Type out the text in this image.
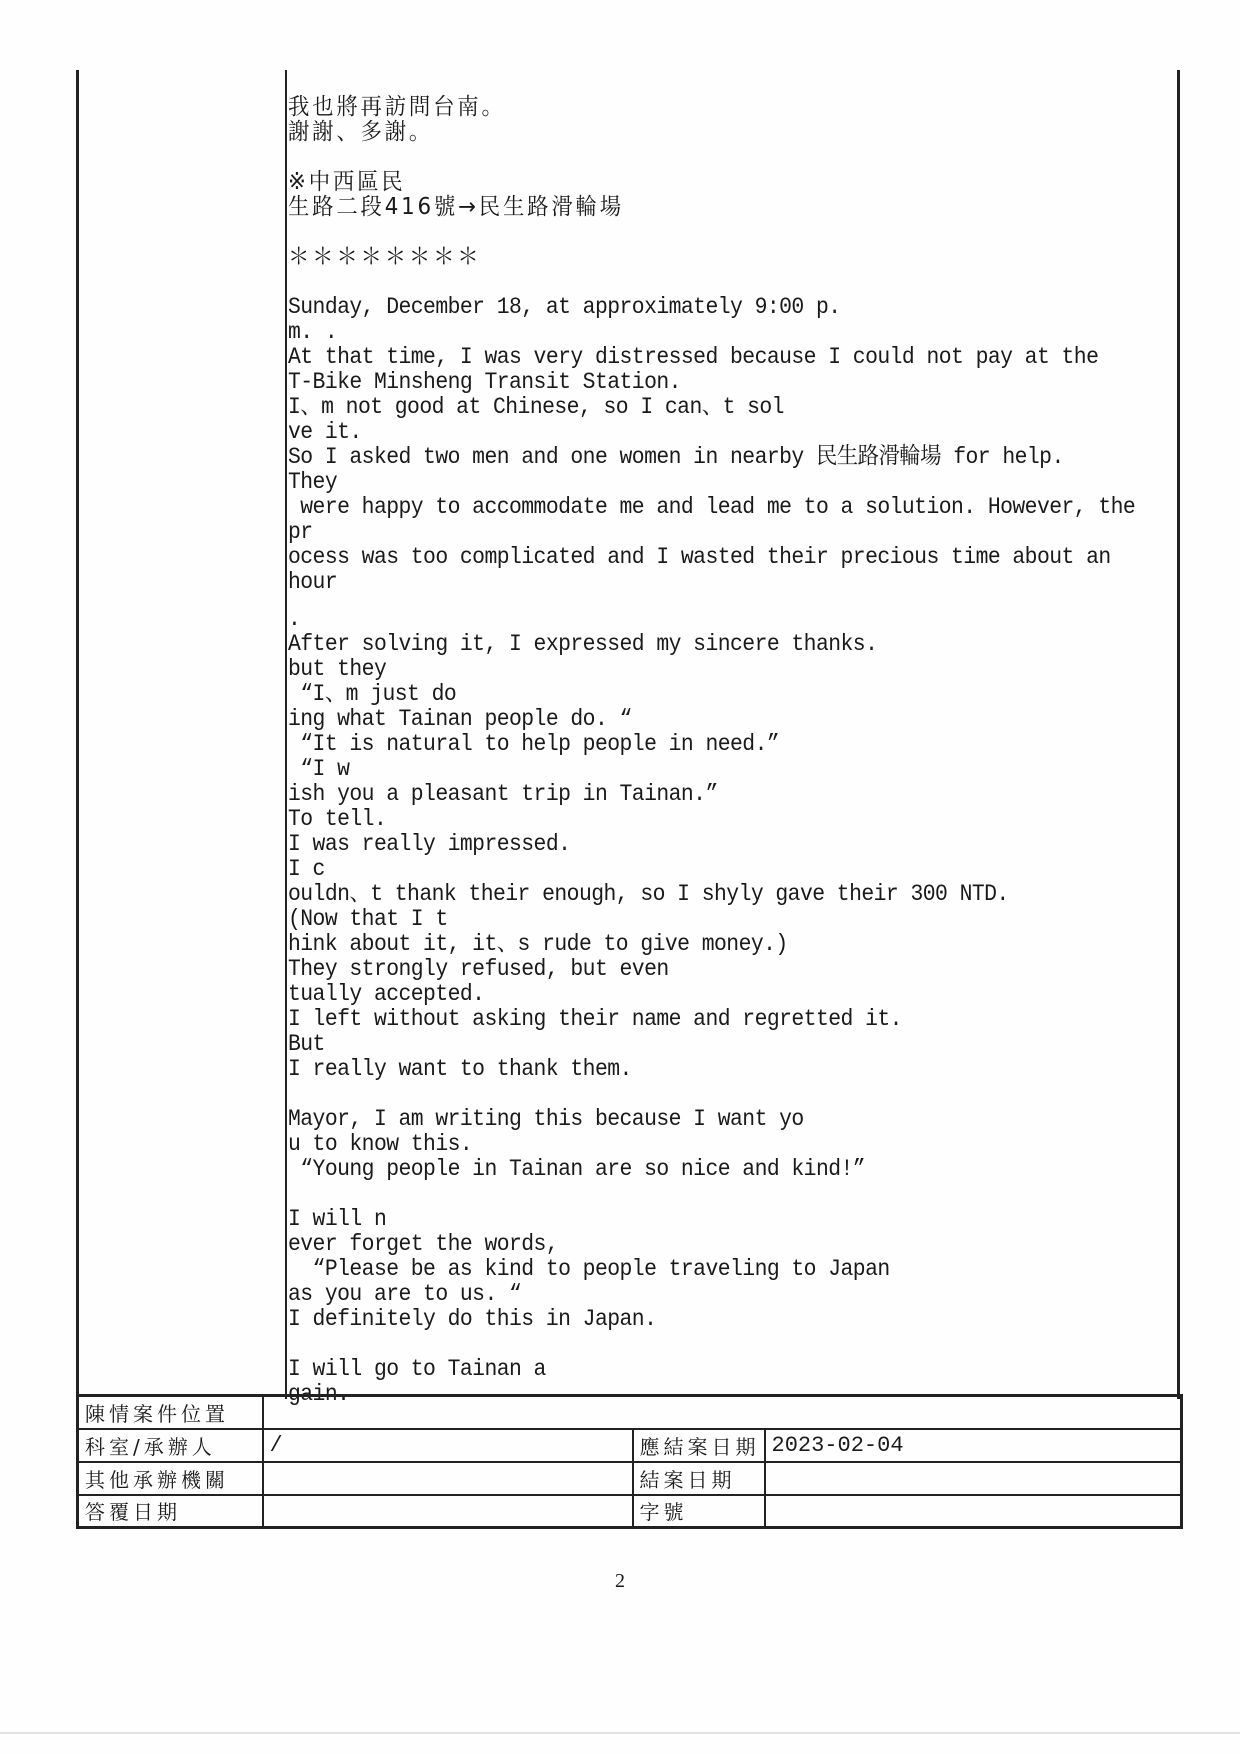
我也將再訪問台南。
謝謝、多謝。
※中西區民
生路二段416號→民生路滑輪場
＊＊＊＊＊＊＊＊
Sunday, December 18, at approximately 9:00 p.
m. .
At that time, I was very distressed because I could not pay at the
T-Bike Minsheng Transit Station.
I、m not good at Chinese, so I can、t sol
ve it.
So I asked two men and one women in nearby 民生路滑輪場 for help.
They
were happy to accommodate me and lead me to a solution. However, the
pr
ocess was too complicated and I wasted their precious time about an
hour
.
After solving it, I expressed my sincere thanks.
but they
“I、m just do
ing what Tainan people do. “
“It is natural to help people in need.”
“I w
ish you a pleasant trip in Tainan.”
To tell.
I was really impressed.
I c
ouldn、t thank their enough, so I shyly gave their 300 NTD.
(Now that I t
hink about it, it、s rude to give money.)
They strongly refused, but even
tually accepted.
I left without asking their name and regretted it.
But
I really want to thank them.
Mayor, I am writing this because I want yo
u to know this.
“Young people in Tainan are so nice and kind!”
I will n
ever forget the words,
“Please be as kind to people traveling to Japan
as you are to us. “
I definitely do this in Japan.
I will go to Tainan a
gain.
陳情案件位置			
科室/承辦人	/	應結案日期	2023-02-04
其他承辦機關		結案日期	
答覆日期		字號	
2
